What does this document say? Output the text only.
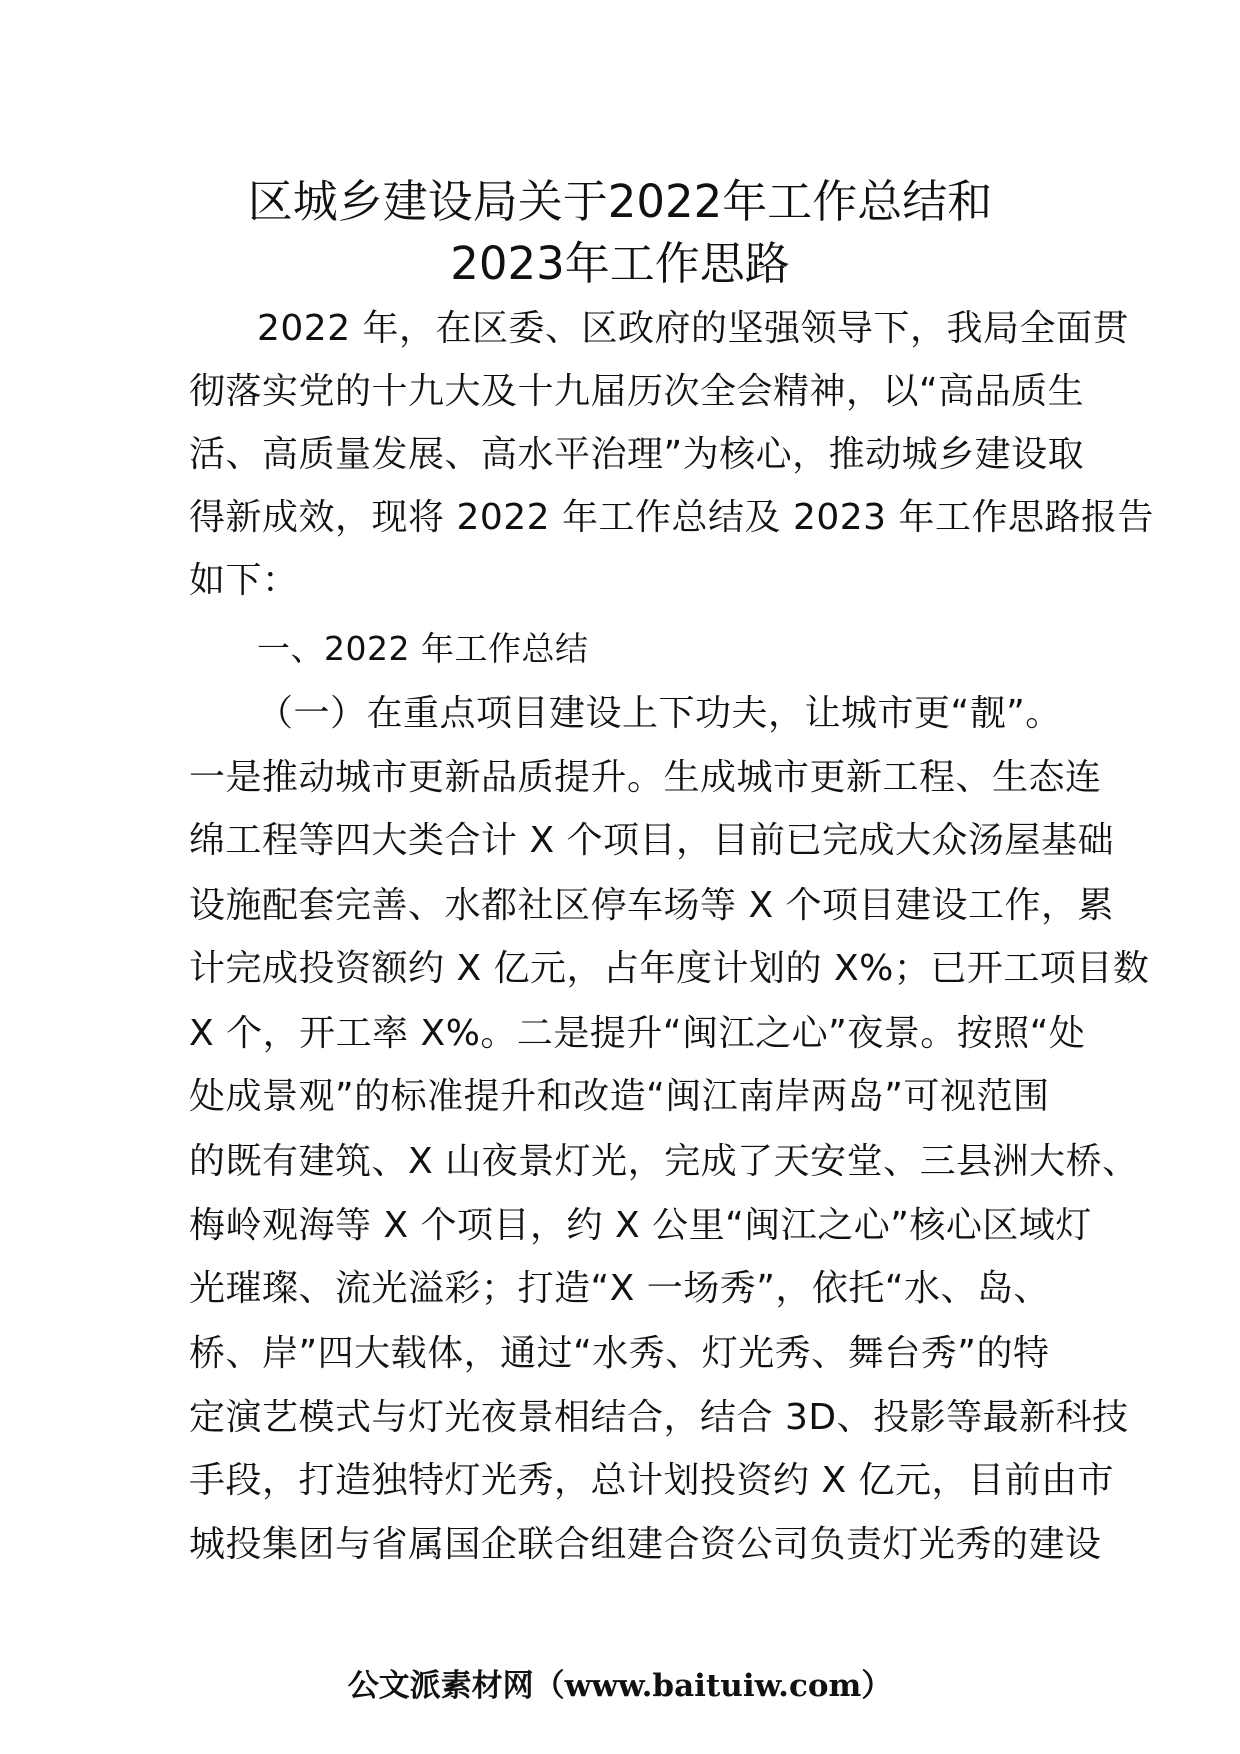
区城乡建设局关于2022年工作总结和
2023年工作思路
2022 年，在区委、区政府的坚强领导下，我局全面贯
彻落实党的十九大及十九届历次全会精神，以“高品质生
活、高质量发展、高水平治理”为核心，推动城乡建设取
得新成效，现将 2022 年工作总结及 2023 年工作思路报告
如下：
一、2022 年工作总结
（一）在重点项目建设上下功夫，让城市更“靓”。
一是推动城市更新品质提升。生成城市更新工程、生态连
绵工程等四大类合计 X 个项目，目前已完成大众汤屋基础
设施配套完善、水都社区停车场等 X 个项目建设工作，累
计完成投资额约 X 亿元，占年度计划的 X%；已开工项目数
X 个，开工率 X%。二是提升“闽江之心”夜景。按照“处
处成景观”的标准提升和改造“闽江南岸两岛”可视范围
的既有建筑、X 山夜景灯光，完成了天安堂、三县洲大桥、
梅岭观海等 X 个项目，约 X 公里“闽江之心”核心区域灯
光璀璨、流光溢彩；打造“X 一场秀”，依托“水、岛、
桥、岸”四大载体，通过“水秀、灯光秀、舞台秀”的特
定演艺模式与灯光夜景相结合，结合 3D、投影等最新科技
手段，打造独特灯光秀，总计划投资约 X 亿元，目前由市
城投集团与省属国企联合组建合资公司负责灯光秀的建设
公文派素材网（www.baituiw.com）
